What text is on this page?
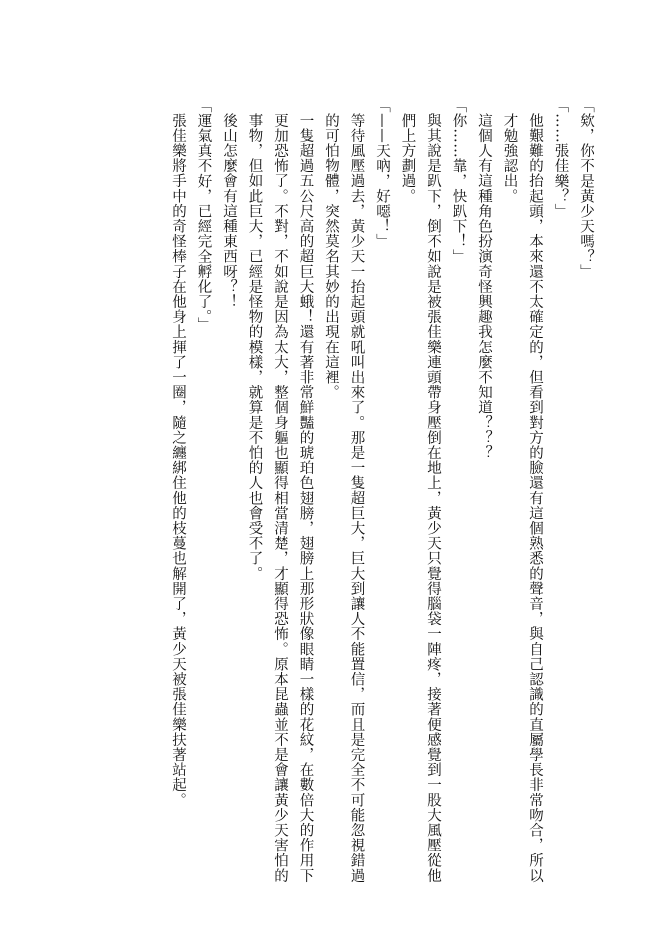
「欸，你不是黃少天嗎？」

「……張佳樂？」

他艱難的抬起頭，本來還不太確定的，但看到對方的臉還有這個熟悉的聲音，與自己認識的直屬學長非常吻合，所以才勉強認出。

這個人有這種角色扮演奇怪興趣我怎麼不知道？？？

「你……靠，快趴下！」

與其說是趴下，倒不如說是被張佳樂連頭帶身壓倒在地上，黃少天只覺得腦袋一陣疼，接著便感覺到一股大風壓從他們上方劃過。

「——天吶，好噁！」

等待風壓過去，黃少天一抬起頭就吼叫出來了。那是一隻超巨大，巨大到讓人不能置信，而且是完全不可能忽視錯過的可怕物體，突然莫名其妙的出現在這裡。

一隻超過五公尺高的超巨大蛾！還有著非常鮮豔的琥珀色翅膀，翅膀上那形狀像眼睛一樣的花紋，在數倍大的作用下更加恐怖了。不對，不如說是因為太大，整個身軀也顯得相當清楚，才顯得恐怖。原本昆蟲並不是會讓黃少天害怕的事物，但如此巨大，已經是怪物的模樣，就算是不怕的人也會受不了。

後山怎麼會有這種東西呀？！

「運氣真不好，已經完全孵化了。」

張佳樂將手中的奇怪棒子在他身上揮了一圈，隨之纏綁住他的枝蔓也解開了，黃少天被張佳樂扶著站起。
